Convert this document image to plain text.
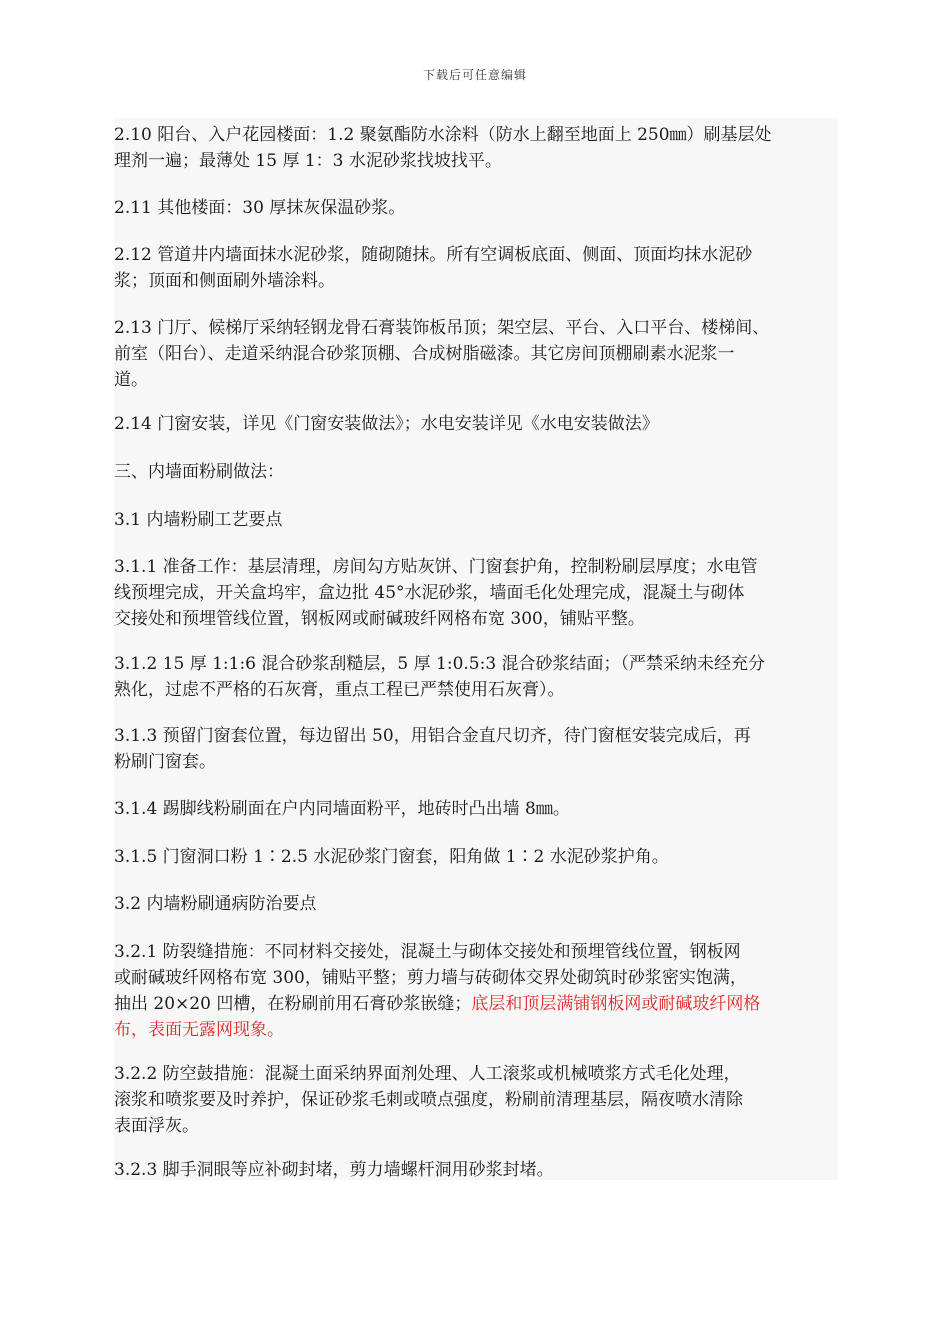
下载后可任意编辑
2.10 阳台、入户花园楼面：1.2 聚氨酯防水涂料（防水上翻至地面上 250㎜）刷基层处
理剂一遍；最薄处 15 厚 1：3 水泥砂浆找坡找平。
2.11 其他楼面：30 厚抹灰保温砂浆。
2.12 管道井内墙面抹水泥砂浆，随砌随抹。所有空调板底面、侧面、顶面均抹水泥砂
浆；顶面和侧面刷外墙涂料。
2.13 门厅、候梯厅采纳轻钢龙骨石膏装饰板吊顶；架空层、平台、入口平台、楼梯间、
前室（阳台）、走道采纳混合砂浆顶棚、合成树脂磁漆。其它房间顶棚刷素水泥浆一
道。
2.14 门窗安装，详见《门窗安装做法》；水电安装详见《水电安装做法》
三、内墙面粉刷做法：
3.1 内墙粉刷工艺要点
3.1.1 准备工作：基层清理，房间勾方贴灰饼、门窗套护角，控制粉刷层厚度；水电管
线预埋完成，开关盒坞牢，盒边批 45°水泥砂浆，墙面毛化处理完成，混凝土与砌体
交接处和预埋管线位置，钢板网或耐碱玻纤网格布宽 300，铺贴平整。
3.1.2 15 厚 1:1:6 混合砂浆刮糙层，5 厚 1:0.5:3 混合砂浆结面；（严禁采纳未经充分
熟化，过虑不严格的石灰膏，重点工程已严禁使用石灰膏）。
3.1.3 预留门窗套位置，每边留出 50，用铝合金直尺切齐，待门窗框安装完成后，再
粉刷门窗套。
3.1.4 踢脚线粉刷面在户内同墙面粉平，地砖时凸出墙 8㎜。
3.1.5 门窗洞口粉 1∶2.5 水泥砂浆门窗套，阳角做 1∶2 水泥砂浆护角。
3.2 内墙粉刷通病防治要点
3.2.1 防裂缝措施：不同材料交接处，混凝土与砌体交接处和预埋管线位置，钢板网
或耐碱玻纤网格布宽 300，铺贴平整；剪力墙与砖砌体交界处砌筑时砂浆密实饱满，
抽出 20×20 凹槽，在粉刷前用石膏砂浆嵌缝；底层和顶层满铺钢板网或耐碱玻纤网格
布，表面无露网现象。
3.2.2 防空鼓措施：混凝土面采纳界面剂处理、人工滚浆或机械喷浆方式毛化处理，
滚浆和喷浆要及时养护，保证砂浆毛刺或喷点强度，粉刷前清理基层，隔夜喷水清除
表面浮灰。
3.2.3 脚手洞眼等应补砌封堵，剪力墙螺杆洞用砂浆封堵。
